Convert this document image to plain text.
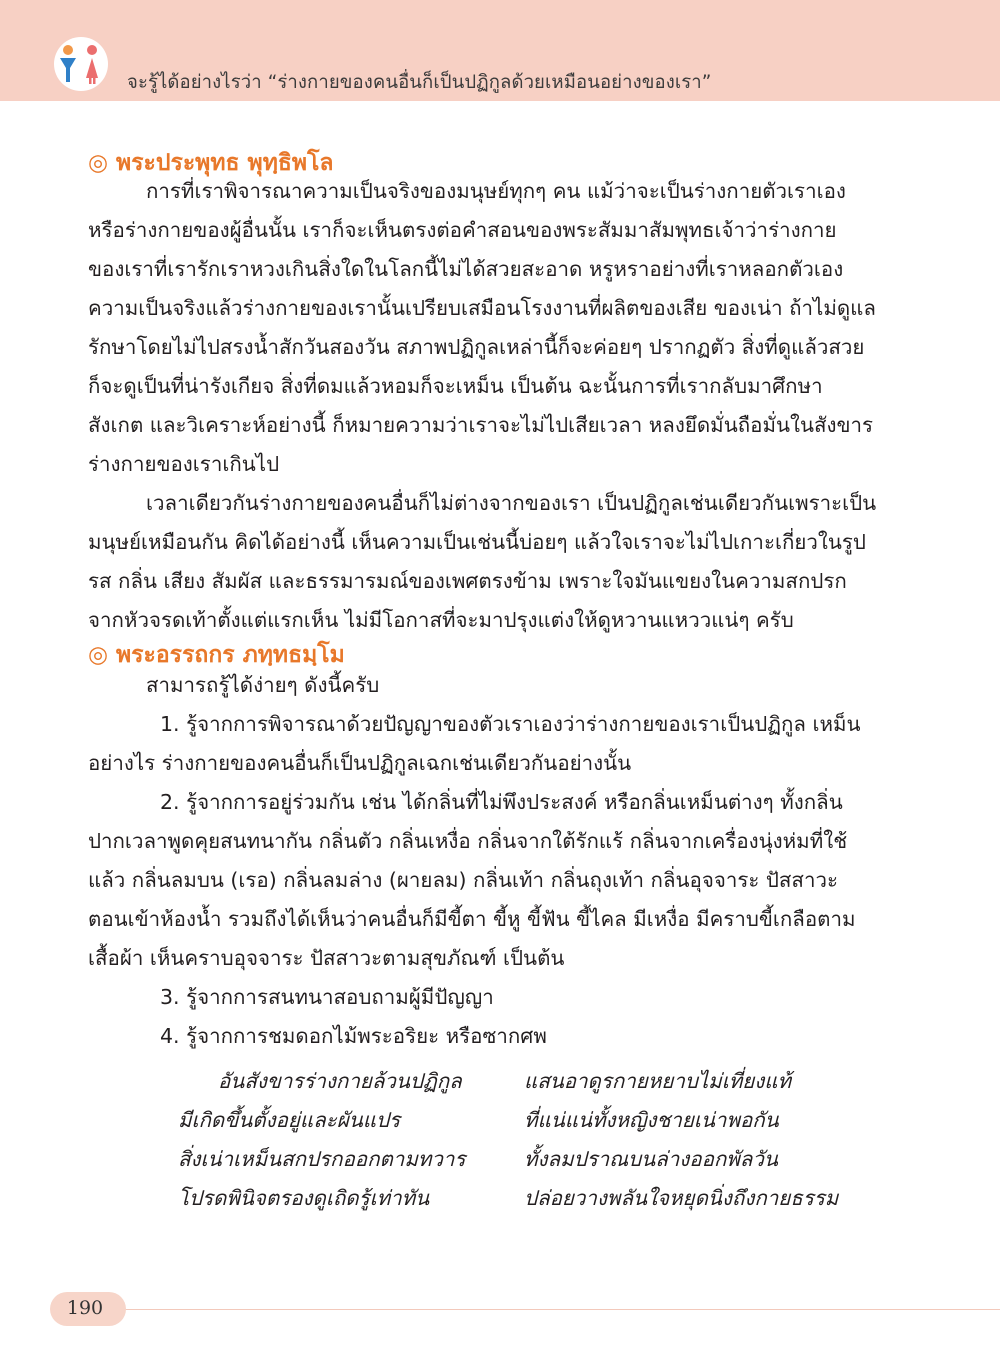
จะรู้ได้อย่างไรว่า “ร่างกายของคนอื่นก็เป็นปฏิกูลด้วยเหมือนอย่างของเรา”
◎ พระประพุทธ พุทฺธิพโล
การที่เราพิจารณาความเป็นจริงของมนุษย์ทุกๆ คน แม้ว่าจะเป็นร่างกายตัวเราเอง
หรือร่างกายของผู้อื่นนั้น เราก็จะเห็นตรงต่อคำสอนของพระสัมมาสัมพุทธเจ้าว่าร่างกาย
ของเราที่เรารักเราหวงเกินสิ่งใดในโลกนี้ไม่ได้สวยสะอาด หรูหราอย่างที่เราหลอกตัวเอง
ความเป็นจริงแล้วร่างกายของเรานั้นเปรียบเสมือนโรงงานที่ผลิตของเสีย ของเน่า ถ้าไม่ดูแล
รักษาโดยไม่ไปสรงน้ำสักวันสองวัน สภาพปฏิกูลเหล่านี้ก็จะค่อยๆ ปรากฏตัว สิ่งที่ดูแล้วสวย
ก็จะดูเป็นที่น่ารังเกียจ สิ่งที่ดมแล้วหอมก็จะเหม็น เป็นต้น ฉะนั้นการที่เรากลับมาศึกษา
สังเกต และวิเคราะห์อย่างนี้ ก็หมายความว่าเราจะไม่ไปเสียเวลา หลงยึดมั่นถือมั่นในสังขาร
ร่างกายของเราเกินไป
เวลาเดียวกันร่างกายของคนอื่นก็ไม่ต่างจากของเรา เป็นปฏิกูลเช่นเดียวกันเพราะเป็น
มนุษย์เหมือนกัน คิดได้อย่างนี้ เห็นความเป็นเช่นนี้บ่อยๆ แล้วใจเราจะไม่ไปเกาะเกี่ยวในรูป
รส กลิ่น เสียง สัมผัส และธรรมารมณ์ของเพศตรงข้าม เพราะใจมันแขยงในความสกปรก
จากหัวจรดเท้าตั้งแต่แรกเห็น ไม่มีโอกาสที่จะมาปรุงแต่งให้ดูหวานแหววแน่ๆ ครับ
◎ พระอรรถกร ภทฺทธมฺโม
สามารถรู้ได้ง่ายๆ ดังนี้ครับ
1. รู้จากการพิจารณาด้วยปัญญาของตัวเราเองว่าร่างกายของเราเป็นปฏิกูล เหม็น
อย่างไร ร่างกายของคนอื่นก็เป็นปฏิกูลเฉกเช่นเดียวกันอย่างนั้น
2. รู้จากการอยู่ร่วมกัน เช่น ได้กลิ่นที่ไม่พึงประสงค์ หรือกลิ่นเหม็นต่างๆ ทั้งกลิ่น
ปากเวลาพูดคุยสนทนากัน กลิ่นตัว กลิ่นเหงื่อ กลิ่นจากใต้รักแร้ กลิ่นจากเครื่องนุ่งห่มที่ใช้
แล้ว กลิ่นลมบน (เรอ) กลิ่นลมล่าง (ผายลม) กลิ่นเท้า กลิ่นถุงเท้า กลิ่นอุจจาระ ปัสสาวะ
ตอนเข้าห้องน้ำ รวมถึงได้เห็นว่าคนอื่นก็มีขี้ตา ขี้หู ขี้ฟัน ขี้ไคล มีเหงื่อ มีคราบขี้เกลือตาม
เสื้อผ้า เห็นคราบอุจจาระ ปัสสาวะตามสุขภัณฑ์ เป็นต้น
3. รู้จากการสนทนาสอบถามผู้มีปัญญา
4. รู้จากการชมดอกไม้พระอริยะ หรือซากศพ
อันสังขารร่างกายล้วนปฏิกูล	แสนอาดูรกายหยาบไม่เที่ยงแท้
มีเกิดขึ้นตั้งอยู่และผันแปร	ที่แน่แน่ทั้งหญิงชายเน่าพอกัน
สิ่งเน่าเหม็นสกปรกออกตามทวาร	ทั้งลมปราณบนล่างออกพัลวัน
โปรดพินิจตรองดูเถิดรู้เท่าทัน	ปล่อยวางพลันใจหยุดนิ่งถึงกายธรรม
190
